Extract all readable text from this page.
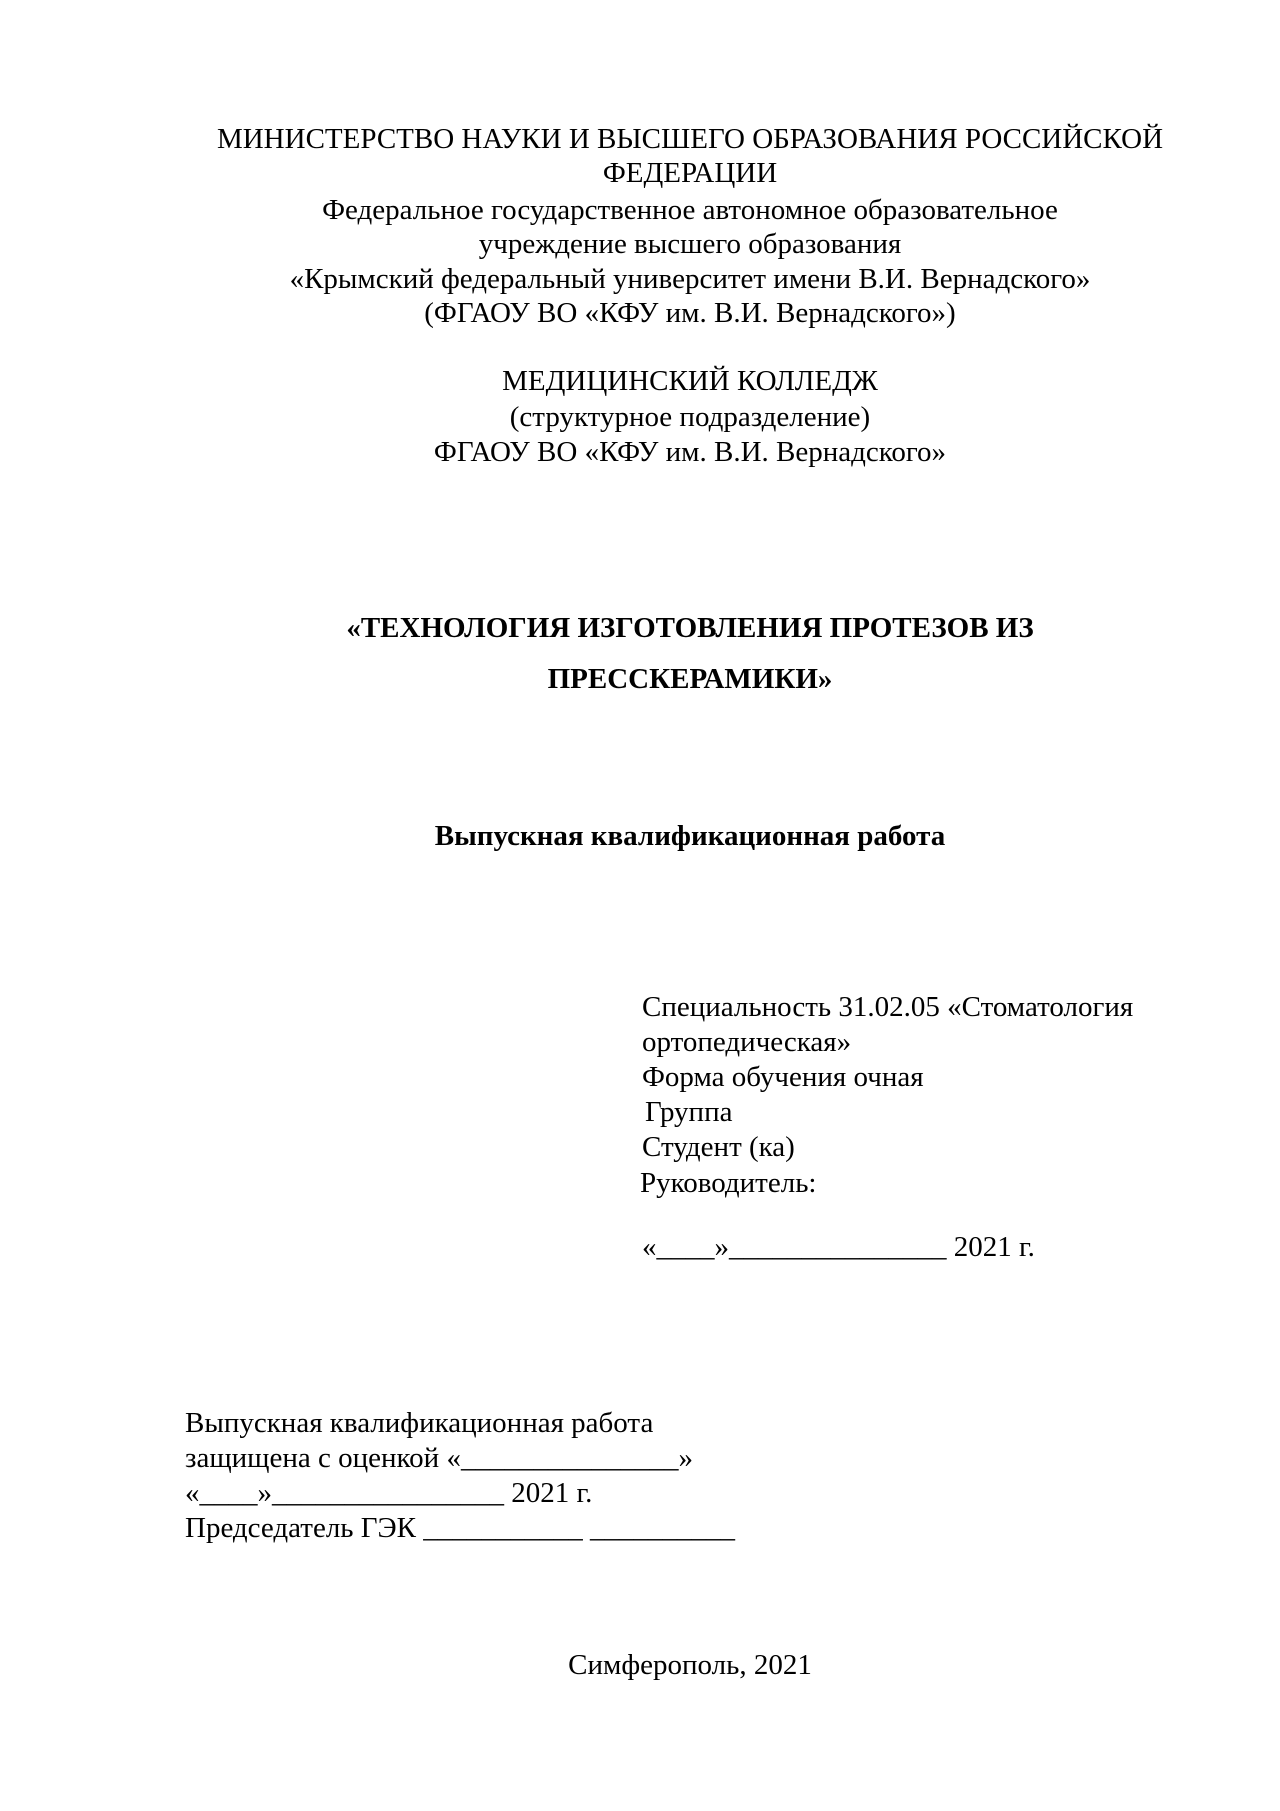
МИНИСТЕРСТВО НАУКИ И ВЫСШЕГО ОБРАЗОВАНИЯ РОССИЙСКОЙ
ФЕДЕРАЦИИ
Федеральное государственное автономное образовательное
учреждение высшего образования
«Крымский федеральный университет имени В.И. Вернадского»
(ФГАОУ ВО «КФУ им. В.И. Вернадского»)
МЕДИЦИНСКИЙ КОЛЛЕДЖ
(структурное подразделение)
ФГАОУ ВО «КФУ им. В.И. Вернадского»
«ТЕХНОЛОГИЯ ИЗГОТОВЛЕНИЯ ПРОТЕЗОВ ИЗ
ПРЕССКЕРАМИКИ»
Выпускная квалификационная работа
Специальность 31.02.05 «Стоматология
ортопедическая»
Форма обучения очная
Группа
Студент (ка)
Руководитель:
«____»_______________ 2021 г.
Выпускная квалификационная работа
защищена с оценкой «_______________»
«____»________________ 2021 г.
Председатель ГЭК ___________ __________
Симферополь, 2021
